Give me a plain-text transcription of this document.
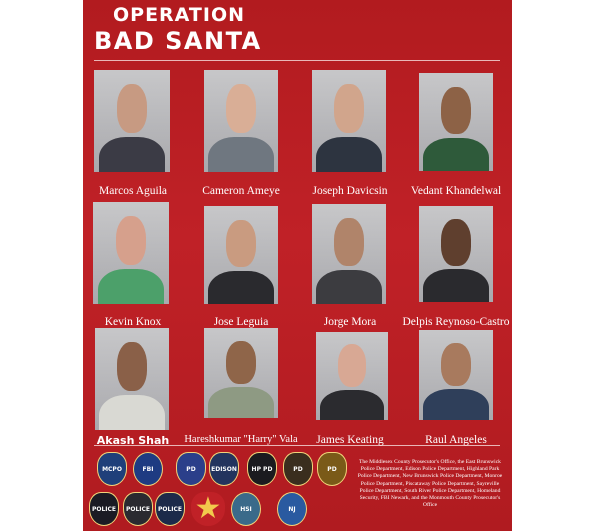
OPERATION
BAD SANTA
Marcos Aguila	Cameron Ameye	Joseph Davicsin Vedant Khandelwal
Kevin Knox	Jose Leguia	Jorge Mora Delpis Reynoso-Castro
Akash Shah Hareshkumar "Harry" Vala James Keating	Raul Angeles
MCPO	FBI	PD	EDISON	HP PD	PD	PD
POLICE	POLICE	POLICE ★	HSI	NJ
The Middlesex County Prosecutor's Office, the East Brunswick Police Department, Edison Police Department, Highland Park Police Department, New Brunswick Police Department, Monroe Police Department, Piscataway Police Department, Sayreville Police Department, South River Police Department, Homeland Security, FBI Newark, and the Monmouth County Prosecutor's Office
